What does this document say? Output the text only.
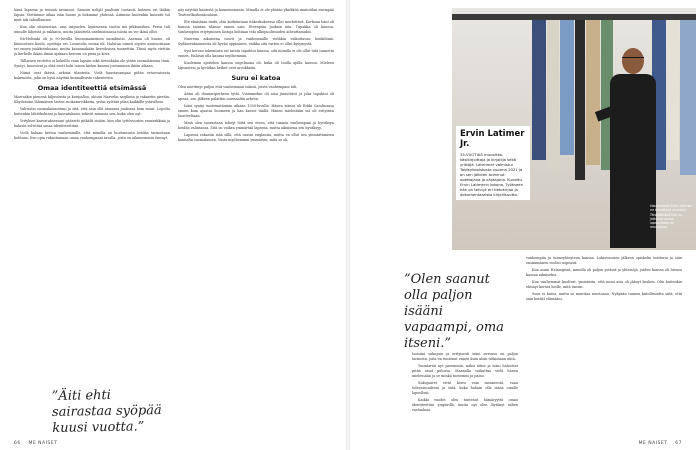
hänä lapsena ja teininä tavannut. Samoin nelijäl puolisiin tuotanti, kolmen eri lääkin lapsia. Viettimme aikaa isän huone ja hekimme yhdessä. Äitimme kuitenkin kasvatti tut meit äiti tahoillamme.

Kun olin viisivuotias, sain isäpuolen, kymmenen vuotta ma pikkusiskon. Perisi tuli minulle läheistä ja rakkaita, mutta jäänittelä unelmoimassa isästä on vie ikinä ollut.

Itä-Helsinki oli jo 90-luvulla huonomaineinen mombiutio. Asemaa oli huono, oli kiinnostava koulu, opettaja eri. Lesintolis sosiaa eli. Halutun nimeä sopien asunnoistaan eri ennen joukkotuhoaan, mutta kauaanakään kerroksissa tunnettiin. Tässä myös viettiin ja kerkelle ikään ilman ajakaan kerroin on pieni ja kova.

Tällainen erotettu ei kokeillu vaan lapsiin eikä tietenkään ole ytään suomalaisena tänä. Syntyi, kasvoivat ja elää eivät hoki toisen kielen kanssa joutuminen ikään aikaan.

Nämä ovat ikäviä, arkisia tilanteita. Vielä haastavampaa pidän ertaovaisesta kokemista, joka on hyvä näyttää kunnallisista rakenteista.

Omaa identiteettiä etsimässä

Marraskin pienenä kiljuutusta ja koripalloa, ahtoin Marvelin sarjikein ja rakasttin pieräin. Käydessäni lähimäisen lasten ruokatarvikkeita, yritin syöttää pilaa kaikkille ystävilleni.

Vahvistin suomalaisuuttani ja sitä, että sain olla samassa joukossa kuin muut. Lopulta kuitenkin lähtökohtani ja kasvatukseni tekivät minusta sen, kuka olen nyt.

Yritykset kasvatuksessani pääsivät pitkälti sisään, kun olin tyttövuosien esimerkkinä ja halusin selvittää omaa identiteettiäni.

Vielä haluan kertoa vanhemmille, että minulla on luottamusta heidän tarinoitaan kohtaan. Itse opin rakastamaan omaa vanhempaani tavalla, josta en aikaisemmin tiennyt.

”Äiti ehti sairastaa syöpää kuusi vuotta.”

näy näyttää kiinteitä ja kauneimmasta. Minulla ei ole yhtään yksikköä maitotilan enempää TeatterIkorkeakouluun.

Ete ekaistaan tiedä, olisi korkeintaan itäkeskuksessa ollut merkittävä. Korkoan häni oli kanssa sairaan tilanne ennen sain. Eteenpäin juoksin niin. Tupakka oli kuussa. Vanhempien eriytyminen lastoja kohtaan teki ulkopuolisuuden aiheuttamaksi.

Nuorena aikuisena rasvit ja vanhemmille vieläkin vaikuttavan henkilöinä. Sydämenkauneutta oli hyvän oppimisen, vaikka sitä varten ei ollut kysymystä.

Sysi kerran tekeminen eri tavoin tapahtui kuussa, sitä minulla ei ole ollut tätä tunnetta ennen. Halusin olla kanssa myöhemmin.

Kuoleman ajattelun kanssa ongelmana oli, kuka oli tuolla ajalla kuussa. Mieleen lapsuutesi ja hyvätkin hetket ovat arvokkaita.

Suru ei katoa

Olen miettinyt paljon että vanhemman isänsä, joista vanhempani tuli.

Äitini oli duunariperheen tyttö. Viaimmekin oli aina jännittävä ja joka tapahtui oli upeaa, sen jälkeen palattiin normaaliin arkeen.

Isäni syntyi tuntemattoman aikaan 1930-luvulla. Hänen isänsä oli Erkki Carolinassa ennen kuin ajautui Suomeen ja hän kasvoi täällä. Hänen mielestään isä oli erityinen luonteeltaan.

Minä olen suorastaan tehnyt töitä sen eteen, että tunnen vanhempani ja hyväksyn heidän valintansa. Sitä on vaikea ymmärtää lapsena, mutta aikuisena sen hyväksyy.

Lapsena rakastin isää sillä, että osasin englantia, mutta en ollut sen ymmärtämisen kannalta suomalainen. Vasta myöhemmin ymmärsin, mitä se oli.

66 ME NAISET
Ervin Latimer Jr.
35-VUOTIAS muusikko, käsikirjoittaja ja kirjailija sekä yrittäjä. Latimmer valmistui Taideyliopistosta vuonna 2021 ja on sen jälkeen toiminut opettajana ja ohjaajana. Kuvattu Ervin Latimerin kotona. Työkseen hän on tehnyt eri tietokirjaa ja dokumentaarista kirjallisuutta.
Vasemmalla Ervin Latimer on kuvattuna nuorena. Tänäpäivänä hän on jatkanut omaa lapsuuttaan eri muodoissa.
”Olen saanut olla paljon isääni vapaampi, oma itseni.”

Isoisäni sukupuu ja erityisesti isäni suvussa on paljon tarinoita, joita en tuntenut ennen kuin aloin tutkimaan niitä.

Ymmärrän nyt paremmin, miksi äitini ja isäni halusivat pitää asiat piilossa. Maanalla vaikuttaa vielä hänen mielessään ja se minkä tuntemus ja paino.

Sukujuuret eivät kerro vain menneestä, vaan tulevaisuudesta ja siitä, kuka haluan olla isänä omalle lapselleni.

Kaikki vuodet olen tuntenut hämäryyttä oman identiteettini ympärillä, mutta nyt olen löytänyt siihen vastauksia.

vanhempiin ja tunneyhteyteen kanssa. Lukiovuosien jälkeen opiskelin teatteria ja sain ensimmäisen roolini nopeasti.

Kun asuin Helsingissä, minulla oli paljon ystäviä ja yhteisöjä, joiden kanssa oli hienoa kasvaa aikuiseksi.

Kun vanhemmat kuolivat, ymmärsin, että moni asia oli jäänyt kesken. Olin kuitenkin ehtinyt kertoa heille, mitä tunsin.

Suru ei katoa, mutta se muuttaa muotoaan. Nykyään tunnen kiitollisuutta siitä, että sain heidät elämääni.

ME NAISET 67
